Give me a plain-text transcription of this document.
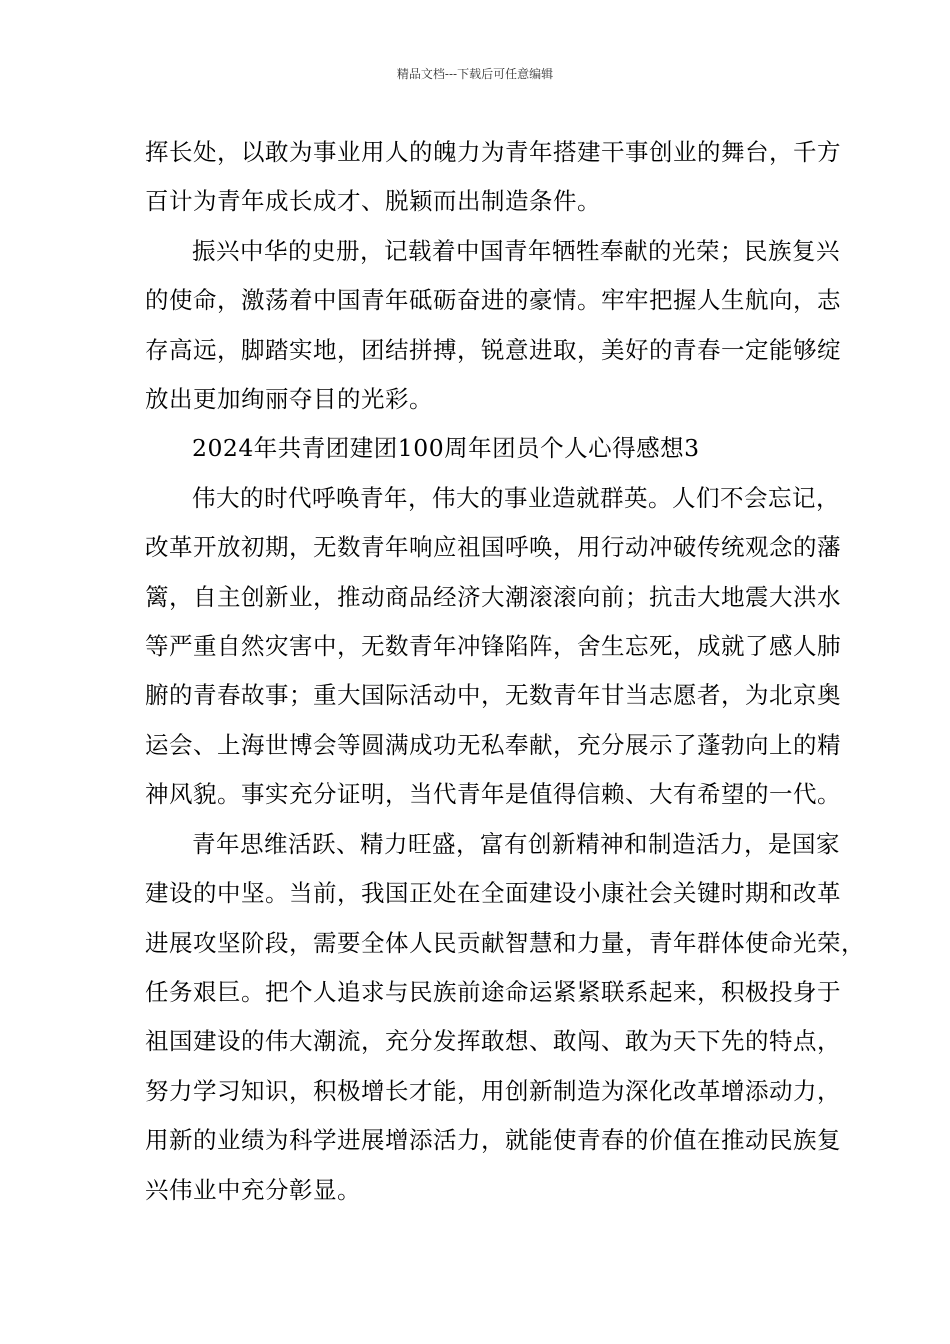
精品文档---下载后可任意编辑

挥长处，以敢为事业用人的魄力为青年搭建干事创业的舞台，千方
百计为青年成长成才、脱颖而出制造条件。

振兴中华的史册，记载着中国青年牺牲奉献的光荣；民族复兴
的使命，激荡着中国青年砥砺奋进的豪情。牢牢把握人生航向，志
存高远，脚踏实地，团结拼搏，锐意进取，美好的青春一定能够绽
放出更加绚丽夺目的光彩。

2024年共青团建团100周年团员个人心得感想3

伟大的时代呼唤青年，伟大的事业造就群英。人们不会忘记，
改革开放初期，无数青年响应祖国呼唤，用行动冲破传统观念的藩
篱，自主创新业，推动商品经济大潮滚滚向前；抗击大地震大洪水
等严重自然灾害中，无数青年冲锋陷阵，舍生忘死，成就了感人肺
腑的青春故事；重大国际活动中，无数青年甘当志愿者，为北京奥
运会、上海世博会等圆满成功无私奉献，充分展示了蓬勃向上的精
神风貌。事实充分证明，当代青年是值得信赖、大有希望的一代。

青年思维活跃、精力旺盛，富有创新精神和制造活力，是国家
建设的中坚。当前，我国正处在全面建设小康社会关键时期和改革
进展攻坚阶段，需要全体人民贡献智慧和力量，青年群体使命光荣，
任务艰巨。把个人追求与民族前途命运紧紧联系起来，积极投身于
祖国建设的伟大潮流，充分发挥敢想、敢闯、敢为天下先的特点，
努力学习知识，积极增长才能，用创新制造为深化改革增添动力，
用新的业绩为科学进展增添活力，就能使青春的价值在推动民族复
兴伟业中充分彰显。
